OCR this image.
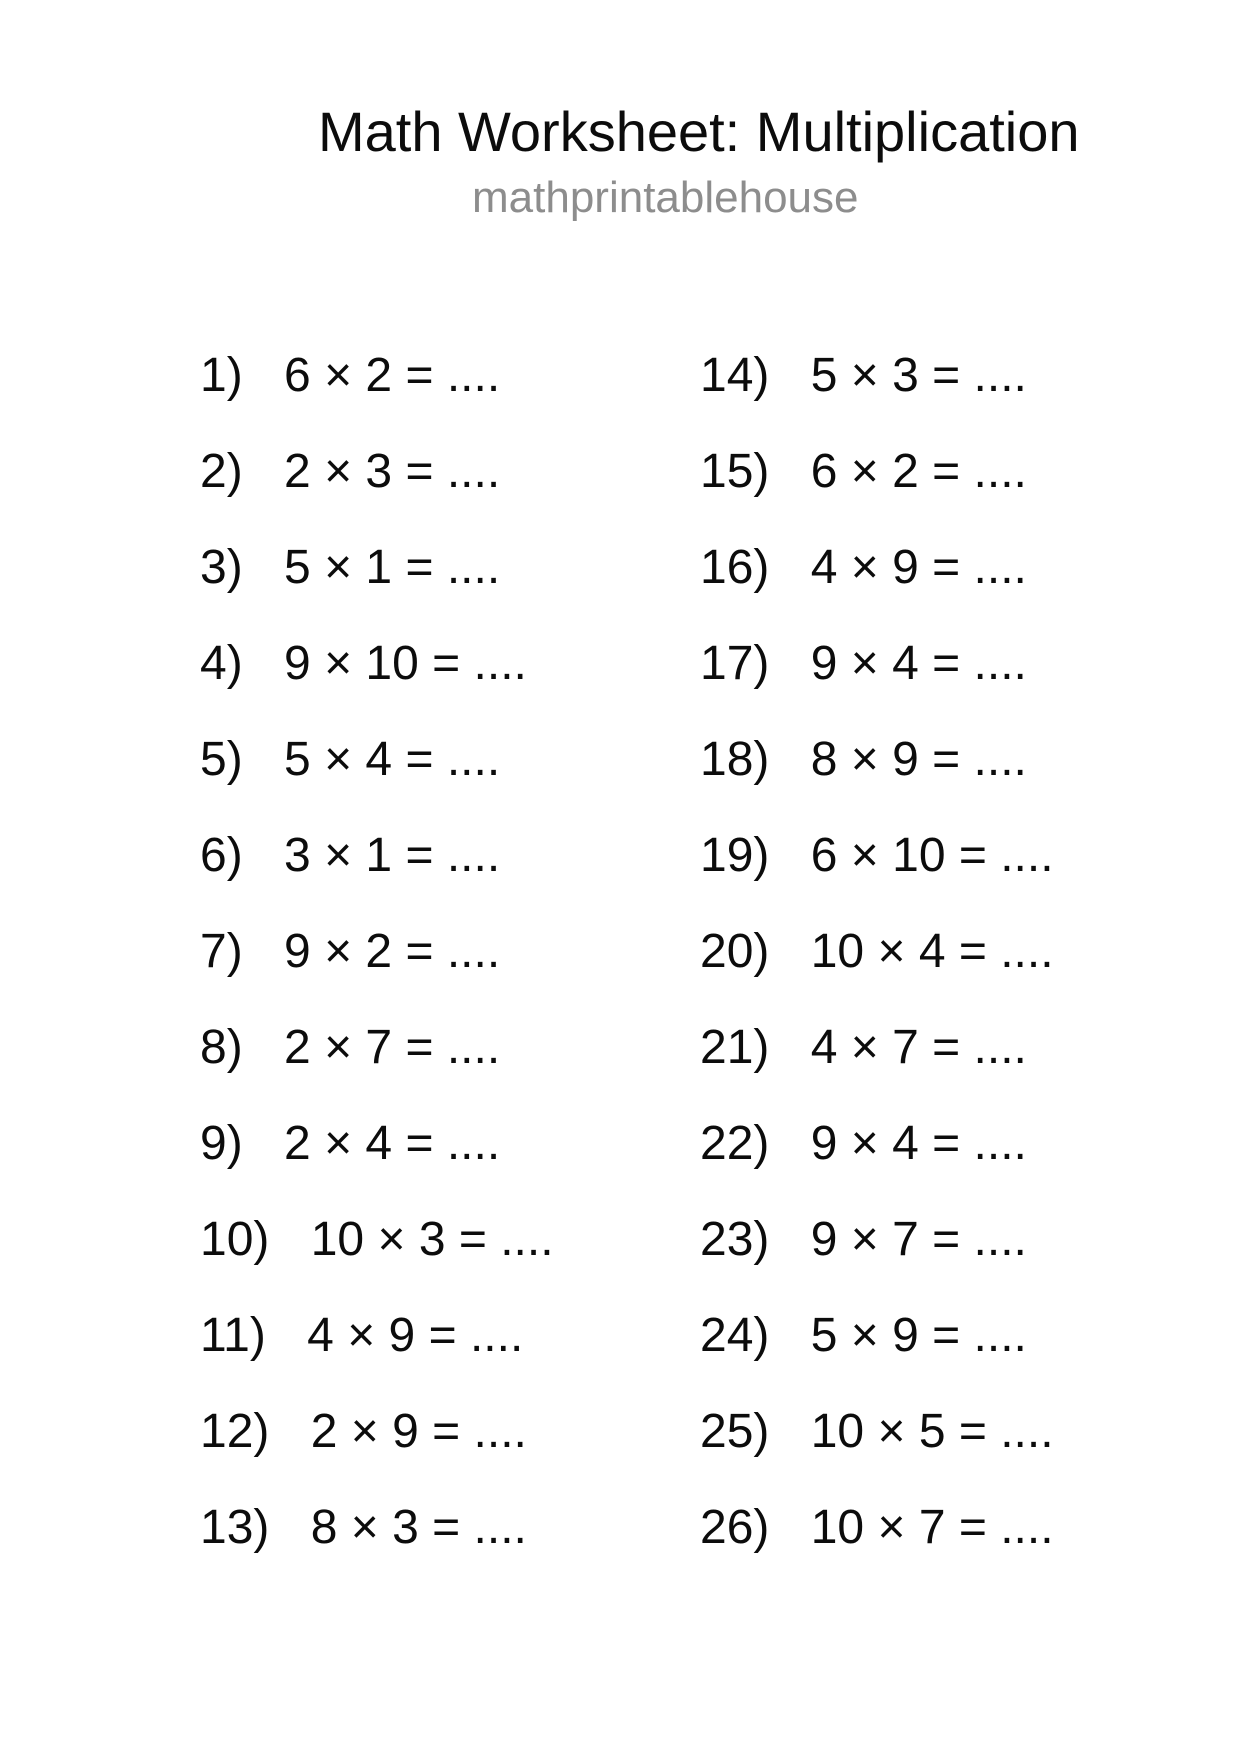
Math Worksheet: Multiplication
mathprintablehouse
1) 6 × 2 = ....
2) 2 × 3 = ....
3) 5 × 1 = ....
4) 9 × 10 = ....
5) 5 × 4 = ....
6) 3 × 1 = ....
7) 9 × 2 = ....
8) 2 × 7 = ....
9) 2 × 4 = ....
10) 10 × 3 = ....
11) 4 × 9 = ....
12) 2 × 9 = ....
13) 8 × 3 = ....
14) 5 × 3 = ....
15) 6 × 2 = ....
16) 4 × 9 = ....
17) 9 × 4 = ....
18) 8 × 9 = ....
19) 6 × 10 = ....
20) 10 × 4 = ....
21) 4 × 7 = ....
22) 9 × 4 = ....
23) 9 × 7 = ....
24) 5 × 9 = ....
25) 10 × 5 = ....
26) 10 × 7 = ....
